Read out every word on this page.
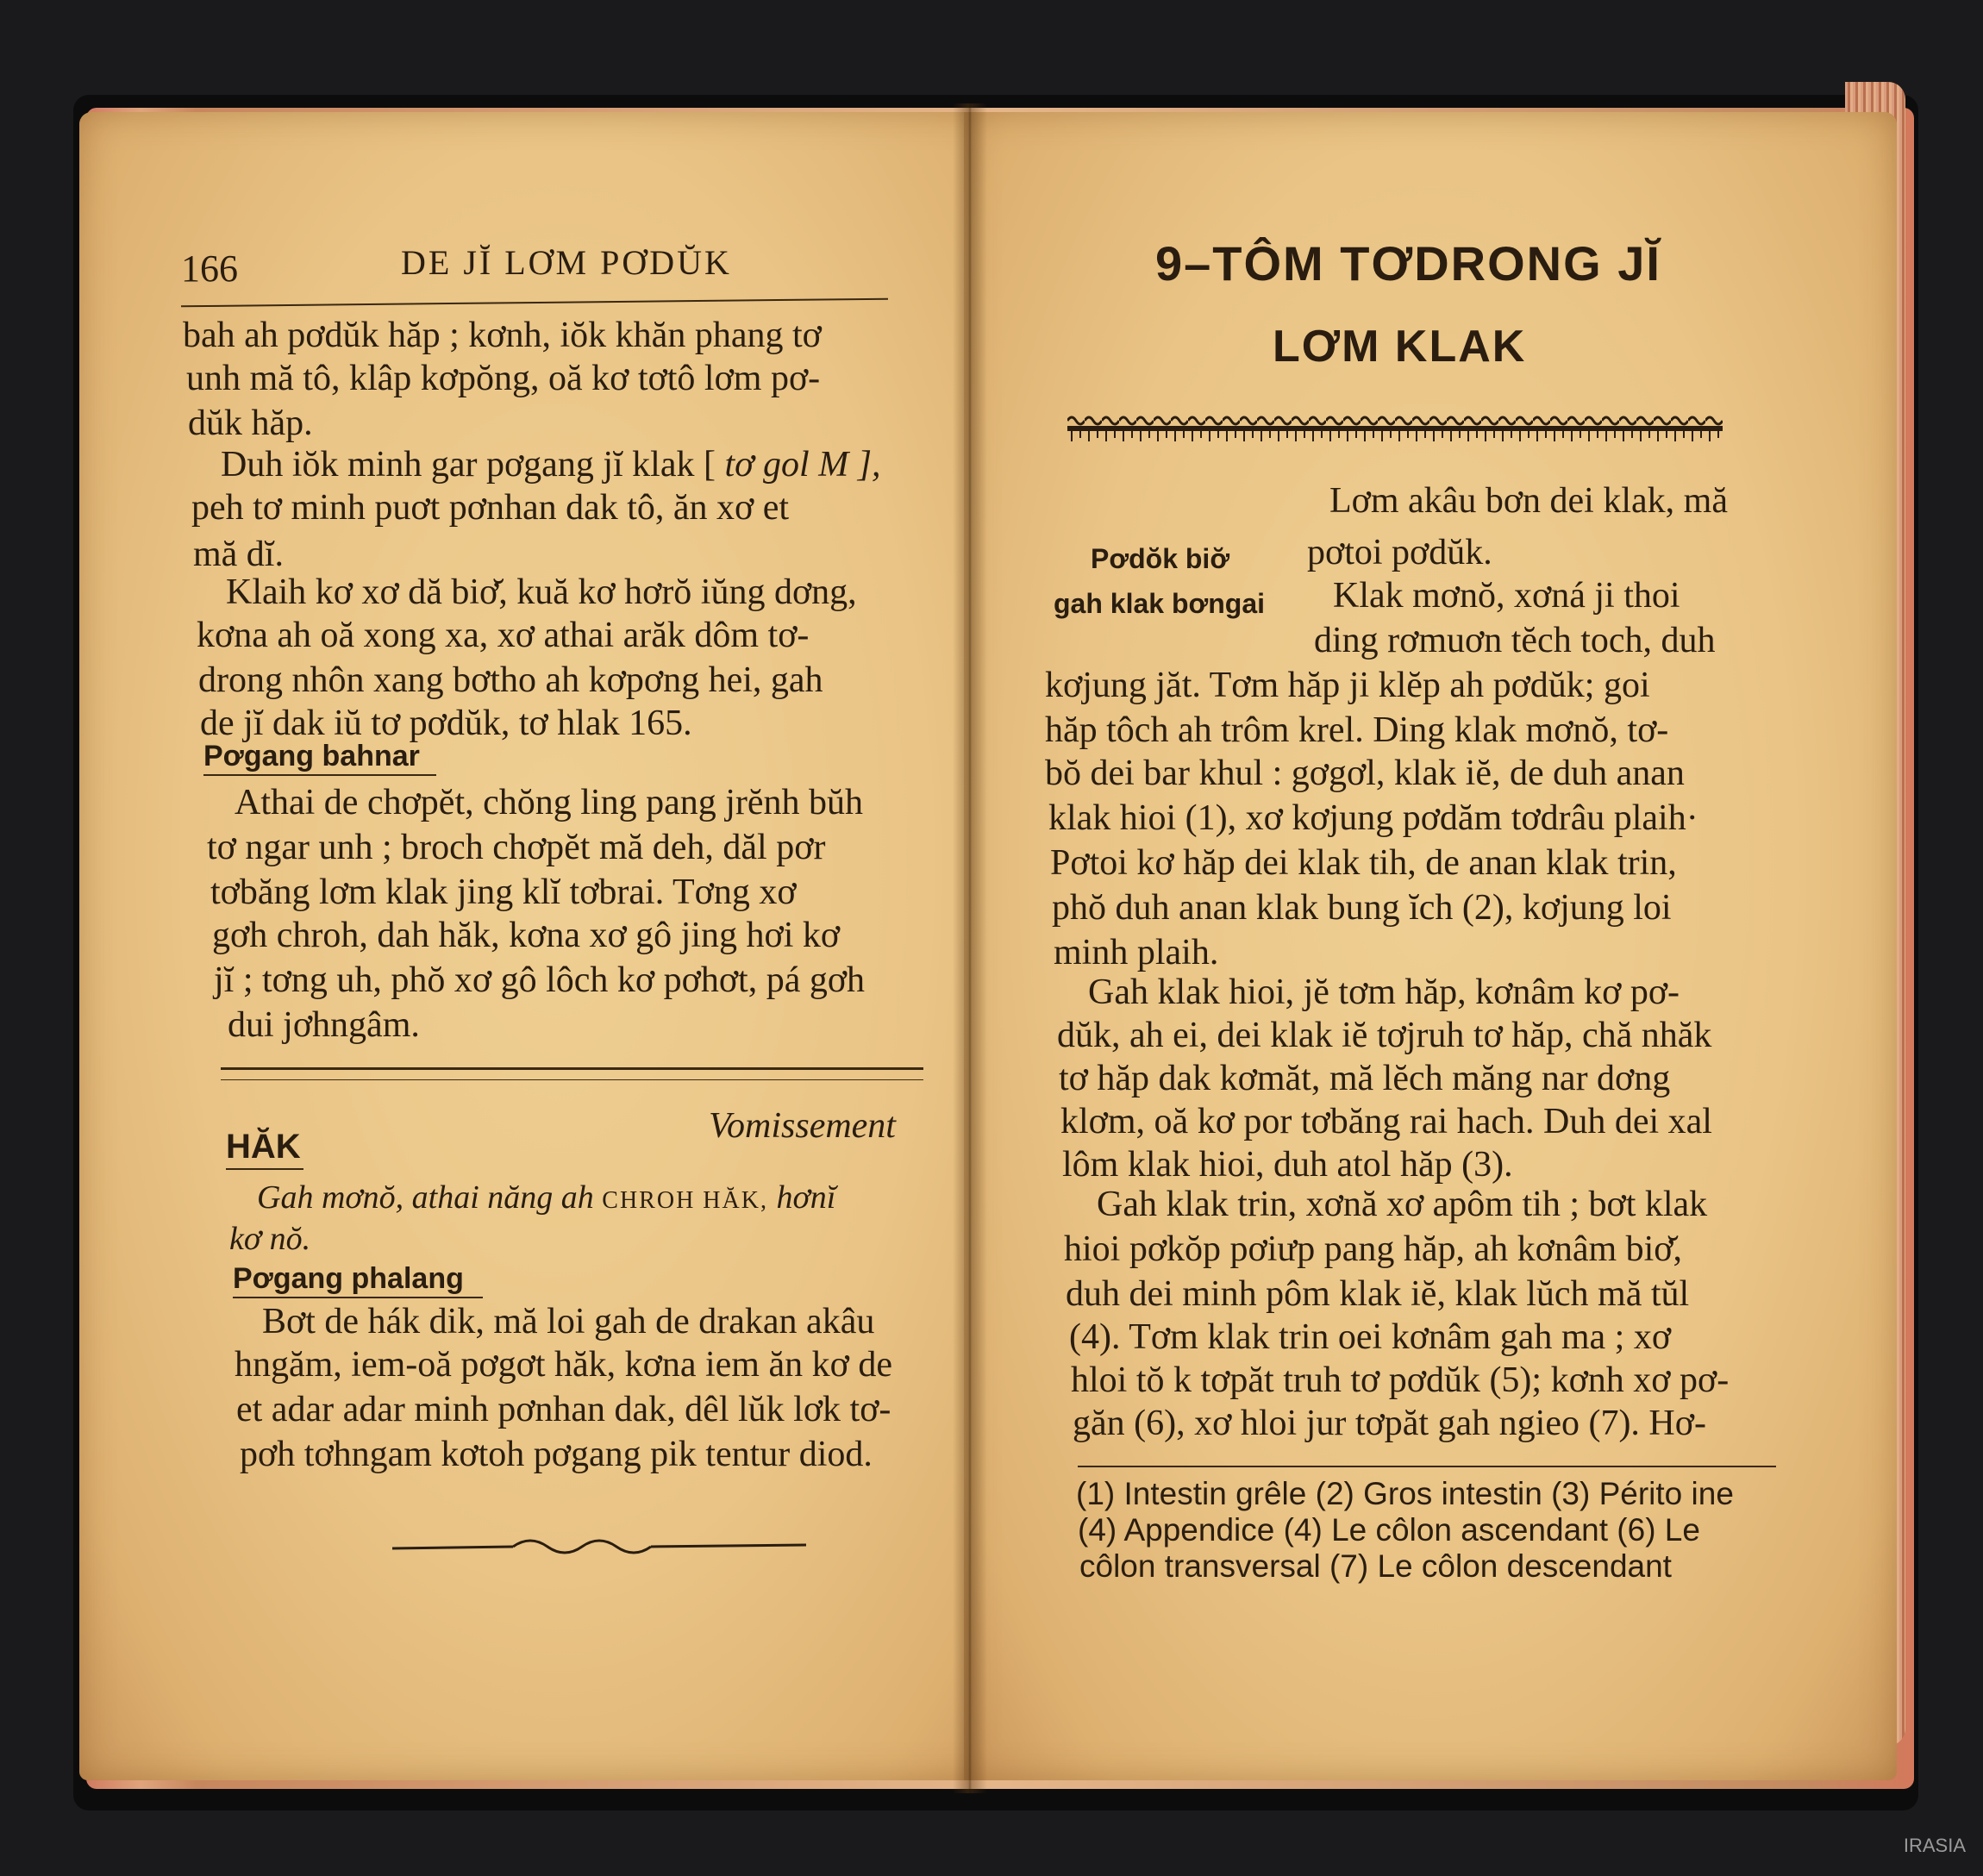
166	DE JĬ LƠM PƠDŬK
bah ah pơdŭk hăp ; kơnh, iŏk khăn phang tơ
unh mă tô, klâp kơpŏng, oă kơ tơtô lơm pơ-
dŭk hăp.
Duh iŏk minh gar pơgang jĭ klak [ tơ gol M ],
peh tơ minh puơt pơnhan dak tô, ăn xơ et
mă dĭ.
Klaih kơ xơ dă biơ̆, kuă kơ hơrŏ iŭng dơng,
kơna ah oă xong xa, xơ athai arăk dôm tơ-
drong nhôn xang bơtho ah kơpơng hei, gah
de jĭ dak iŭ tơ pơdŭk, tơ hlak 165.
Pơgang bahnar
Athai de chơpĕt, chŏng ling pang jrĕnh bŭh
tơ ngar unh ; broch chơpĕt mă deh, dăl pơr
tơbăng lơm klak jing klĭ tơbrai. Tơng xơ
gơh chroh, dah hăk, kơna xơ gô jing hơi kơ
jĭ ; tơng uh, phŏ xơ gô lôch kơ pơhơt, pá gơh
dui jơhngâm.
HĂK
Vomissement
Gah mơnŏ, athai năng ah CHROH HĂK, hơnĭ
kơ nŏ.
Pơgang phalang
Bơt de hák dik, mă loi gah de drakan akâu
hngăm, iem-oă pơgơt hăk, kơna iem ăn kơ de
et adar adar minh pơnhan dak, dêl lŭk lơk tơ-
pơh tơhngam kơtoh pơgang pik tentur diod.
9–TÔM TƠDRONG JĬ
LƠM KLAK
Lơm akâu bơn dei klak, mă
Pơdŏ̆k biơ̆ pơtoi pơdŭk.
gah klak bơngai Klak mơnŏ, xơná ji thoi
ding rơmuơn tĕch toch, duh
kơjung jăt. Tơm hăp ji klĕp ah pơdŭk; goi
hăp tôch ah trôm krel. Ding klak mơnŏ, tơ-
bŏ dei bar khul : gơgơl, klak iĕ, de duh anan
klak hioi (1), xơ kơjung pơdăm tơdrâu plaih·
Pơtoi kơ hăp dei klak tih, de anan klak trin,
phŏ duh anan klak bung ĭch (2), kơjung loi
minh plaih.
Gah klak hioi, jĕ tơm hăp, kơnâm kơ pơ-
dŭk, ah ei, dei klak iĕ tơjruh tơ hăp, chă nhăk
tơ hăp dak kơmăt, mă lĕch măng nar dơng
klơm, oă kơ por tơbăng rai hach. Duh dei xal
lôm klak hioi, duh atol hăp (3).
Gah klak trin, xơnă xơ apôm tih ; bơt klak
hioi pơkŏp pơiưp pang hăp, ah kơnâm biơ̆,
duh dei minh pôm klak iĕ, klak lŭch mă tŭl
(4). Tơm klak trin oei kơnâm gah ma ; xơ
hloi tŏ k tơpăt truh tơ pơdŭk (5); kơnh xơ pơ-
găn (6), xơ hloi jur tơpăt gah ngieo (7). Hơ-
(1) Intestin grêle (2) Gros intestin (3) Périto ine
(4) Appendice (4) Le côlon ascendant (6) Le
côlon transversal (7) Le côlon descendant
IRASIA
